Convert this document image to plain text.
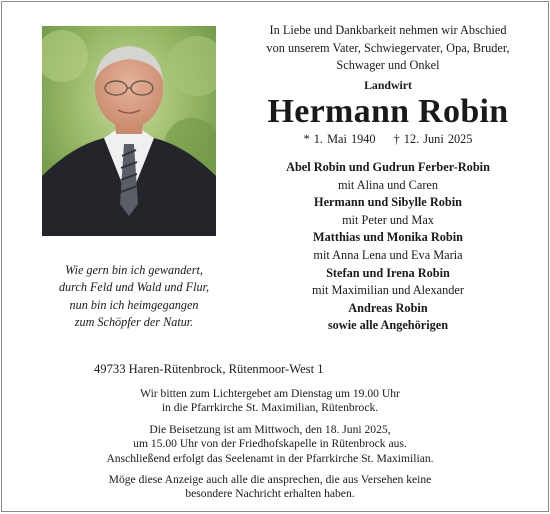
Wie gern bin ich gewandert,
durch Feld und Wald und Flur,
nun bin ich heimgegangen
zum Schöpfer der Natur.
In Liebe und Dankbarkeit nehmen wir Abschied
von unserem Vater, Schwiegervater, Opa, Bruder,
Schwager und Onkel
Landwirt
Hermann Robin
* 1. Mai 1940 † 12. Juni 2025
Abel Robin und Gudrun Ferber-Robin
mit Alina und Caren
Hermann und Sibylle Robin
mit Peter und Max
Matthias und Monika Robin
mit Anna Lena und Eva Maria
Stefan und Irena Robin
mit Maximilian und Alexander
Andreas Robin
sowie alle Angehörigen
49733 Haren-Rütenbrock, Rütenmoor-West 1
Wir bitten zum Lichtergebet am Dienstag um 19.00 Uhr
in die Pfarrkirche St. Maximilian, Rütenbrock.
Die Beisetzung ist am Mittwoch, den 18. Juni 2025,
um 15.00 Uhr von der Friedhofskapelle in Rütenbrock aus.
Anschließend erfolgt das Seelenamt in der Pfarrkirche St. Maximilian.
Möge diese Anzeige auch alle die ansprechen, die aus Versehen keine
besondere Nachricht erhalten haben.
